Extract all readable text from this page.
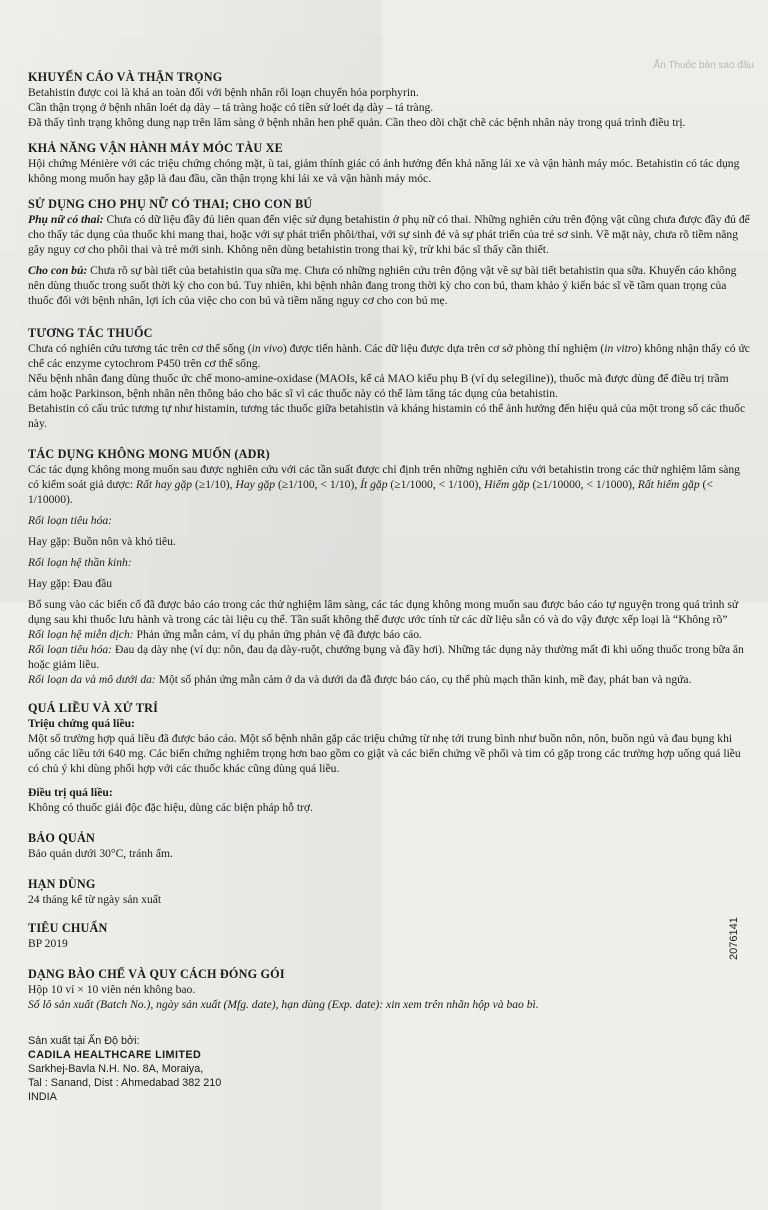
Ấn Thuốc bản sao đầu
KHUYẾN CÁO VÀ THẬN TRỌNG

Betahistin được coi là khá an toàn đối với bệnh nhân rối loạn chuyển hóa porphyrin.

Cần thận trọng ở bệnh nhân loét dạ dày – tá tràng hoặc có tiền sử loét dạ dày – tá tràng.

Đã thấy tình trạng không dung nạp trên lâm sàng ở bệnh nhân hen phế quản. Cần theo dõi chặt chẽ các bệnh nhân này trong quá trình điều trị.

KHẢ NĂNG VẬN HÀNH MÁY MÓC TÀU XE

Hội chứng Ménière với các triệu chứng chóng mặt, ù tai, giảm thính giác có ảnh hưởng đến khả năng lái xe và vận hành máy móc. Betahistin có tác dụng không mong muốn hay gặp là đau đầu, cần thận trọng khi lái xe và vận hành máy móc.

SỬ DỤNG CHO PHỤ NỮ CÓ THAI; CHO CON BÚ

Phụ nữ có thai: Chưa có dữ liệu đầy đủ liên quan đến việc sử dụng betahistin ở phụ nữ có thai. Những nghiên cứu trên động vật cũng chưa được đầy đủ để cho thấy tác dụng của thuốc khi mang thai, hoặc với sự phát triển phôi/thai, với sự sinh đẻ và sự phát triển của trẻ sơ sinh. Về mặt này, chưa rõ tiềm năng gây nguy cơ cho phôi thai và trẻ mới sinh. Không nên dùng betahistin trong thai kỳ, trừ khi bác sĩ thấy cần thiết.

Cho con bú: Chưa rõ sự bài tiết của betahistin qua sữa mẹ. Chưa có những nghiên cứu trên động vật về sự bài tiết betahistin qua sữa. Khuyến cáo không nên dùng thuốc trong suốt thời kỳ cho con bú. Tuy nhiên, khi bệnh nhân đang trong thời kỳ cho con bú, tham khảo ý kiến bác sĩ về tầm quan trọng của thuốc đối với bệnh nhân, lợi ích của việc cho con bú và tiềm năng nguy cơ cho con bú mẹ.

TƯƠNG TÁC THUỐC

Chưa có nghiên cứu tương tác trên cơ thể sống (in vivo) được tiến hành. Các dữ liệu được dựa trên cơ sở phòng thí nghiệm (in vitro) không nhận thấy có ức chế các enzyme cytochrom P450 trên cơ thể sống.

Nếu bệnh nhân đang dùng thuốc ức chế mono-amine-oxidase (MAOIs, kể cả MAO kiểu phụ B (ví dụ selegiline)), thuốc mà được dùng để điều trị trầm cảm hoặc Parkinson, bệnh nhân nên thông báo cho bác sĩ vì các thuốc này có thể làm tăng tác dụng của betahistin.

Betahistin có cấu trúc tương tự như histamin, tương tác thuốc giữa betahistin và kháng histamin có thể ảnh hưởng đến hiệu quả của một trong số các thuốc này.

TÁC DỤNG KHÔNG MONG MUỐN (ADR)

Các tác dụng không mong muốn sau được nghiên cứu với các tần suất được chỉ định trên những nghiên cứu với betahistin trong các thử nghiệm lâm sàng có kiểm soát giả dược: Rất hay gặp (≥1/10), Hay gặp (≥1/100, < 1/10), Ít gặp (≥1/1000, < 1/100), Hiếm gặp (≥1/10000, < 1/1000), Rất hiếm gặp (< 1/10000).

Rối loạn tiêu hóa:

Hay gặp: Buồn nôn và khó tiêu.

Rối loạn hệ thần kinh:

Hay gặp: Đau đầu

Bổ sung vào các biến cố đã được báo cáo trong các thử nghiệm lâm sàng, các tác dụng không mong muốn sau được báo cáo tự nguyện trong quá trình sử dụng sau khi thuốc lưu hành và trong các tài liệu cụ thể. Tần suất không thể được ước tính từ các dữ liệu sẵn có và do vậy được xếp loại là “Không rõ”

Rối loạn hệ miễn dịch: Phản ứng mẫn cảm, ví dụ phản ứng phản vệ đã được báo cáo.

Rối loạn tiêu hóa: Đau dạ dày nhẹ (ví dụ: nôn, đau dạ dày-ruột, chướng bụng và đầy hơi). Những tác dụng này thường mất đi khi uống thuốc trong bữa ăn hoặc giảm liều.

Rối loạn da và mô dưới da: Một số phản ứng mẫn cảm ở da và dưới da đã được báo cáo, cụ thể phù mạch thần kinh, mề đay, phát ban và ngứa.

QUÁ LIỀU VÀ XỬ TRÍ

Triệu chứng quá liều:

Một số trường hợp quá liều đã được báo cáo. Một số bệnh nhân gặp các triệu chứng từ nhẹ tới trung bình như buồn nôn, nôn, buồn ngủ và đau bụng khi uống các liều tới 640 mg. Các biến chứng nghiêm trọng hơn bao gồm co giật và các biến chứng về phổi và tim có gặp trong các trường hợp uống quá liều có chủ ý khi dùng phối hợp với các thuốc khác cũng dùng quá liều.

Điều trị quá liều:

Không có thuốc giải độc đặc hiệu, dùng các biện pháp hỗ trợ.

BẢO QUẢN

Bảo quản dưới 30°C, tránh ẩm.

HẠN DÙNG

24 tháng kể từ ngày sản xuất

TIÊU CHUẨN

BP 2019

DẠNG BÀO CHẾ VÀ QUY CÁCH ĐÓNG GÓI

Hộp 10 vỉ × 10 viên nén không bao.

Số lô sản xuất (Batch No.), ngày sản xuất (Mfg. date), hạn dùng (Exp. date): xin xem trên nhãn hộp và bao bì.

Sản xuất tại Ấn Độ bởi:

CADILA HEALTHCARE LIMITED

Sarkhej-Bavla N.H. No. 8A, Moraiya,

Tal : Sanand, Dist : Ahmedabad 382 210

INDIA

2076141
